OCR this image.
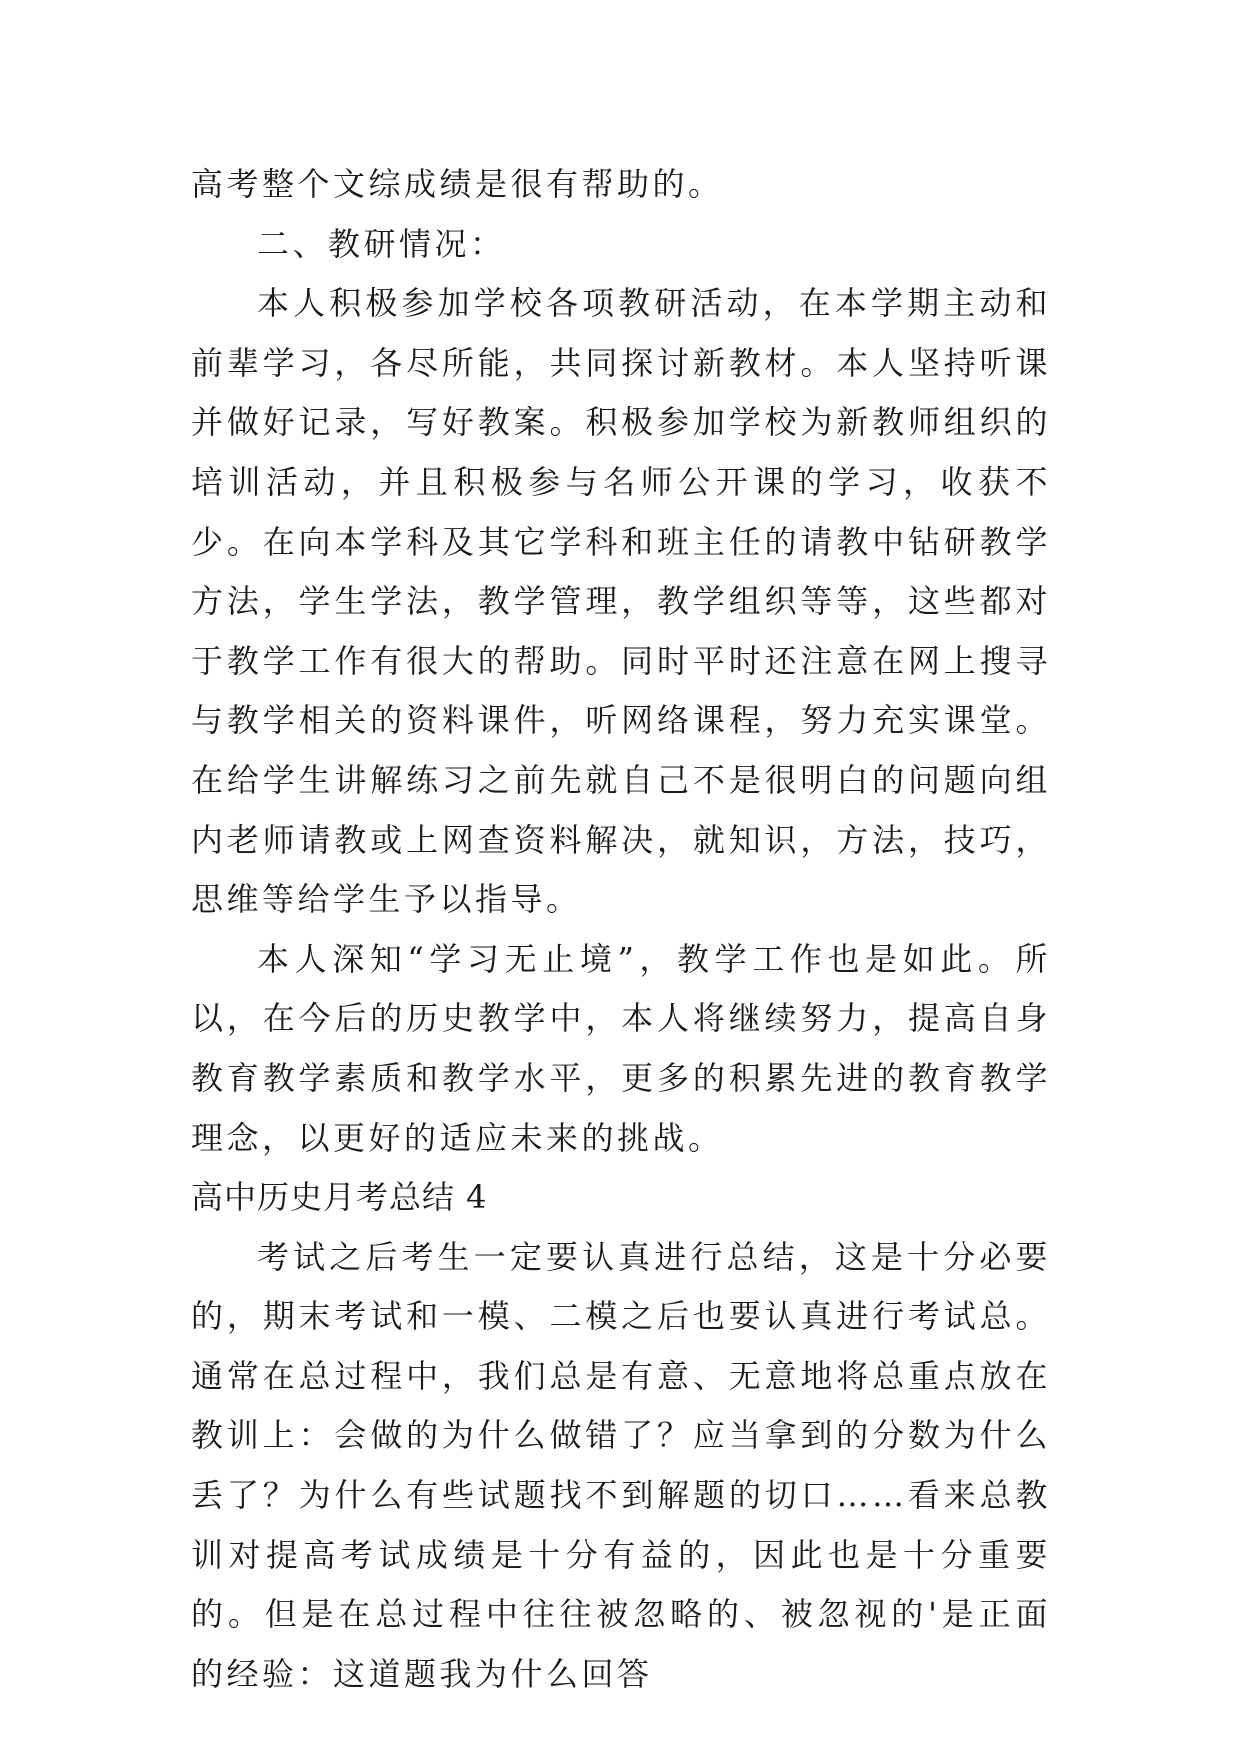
高考整个文综成绩是很有帮助的。

二、教研情况：

本人积极参加学校各项教研活动，在本学期主动和前辈学习，各尽所能，共同探讨新教材。本人坚持听课并做好记录，写好教案。积极参加学校为新教师组织的培训活动，并且积极参与名师公开课的学习，收获不少。在向本学科及其它学科和班主任的请教中钻研教学方法，学生学法，教学管理，教学组织等等，这些都对于教学工作有很大的帮助。同时平时还注意在网上搜寻与教学相关的资料课件，听网络课程，努力充实课堂。在给学生讲解练习之前先就自己不是很明白的问题向组内老师请教或上网查资料解决，就知识，方法，技巧，思维等给学生予以指导。

本人深知“学习无止境”，教学工作也是如此。所以，在今后的历史教学中，本人将继续努力，提高自身教育教学素质和教学水平，更多的积累先进的教育教学理念，以更好的适应未来的挑战。

高中历史月考总结 4

考试之后考生一定要认真进行总结，这是十分必要的，期末考试和一模、二模之后也要认真进行考试总。通常在总过程中，我们总是有意、无意地将总重点放在教训上：会做的为什么做错了？应当拿到的分数为什么丢了？为什么有些试题找不到解题的切口……看来总教训对提高考试成绩是十分有益的，因此也是十分重要的。但是在总过程中往往被忽略的、被忽视的'是正面的经验：这道题我为什么回答
